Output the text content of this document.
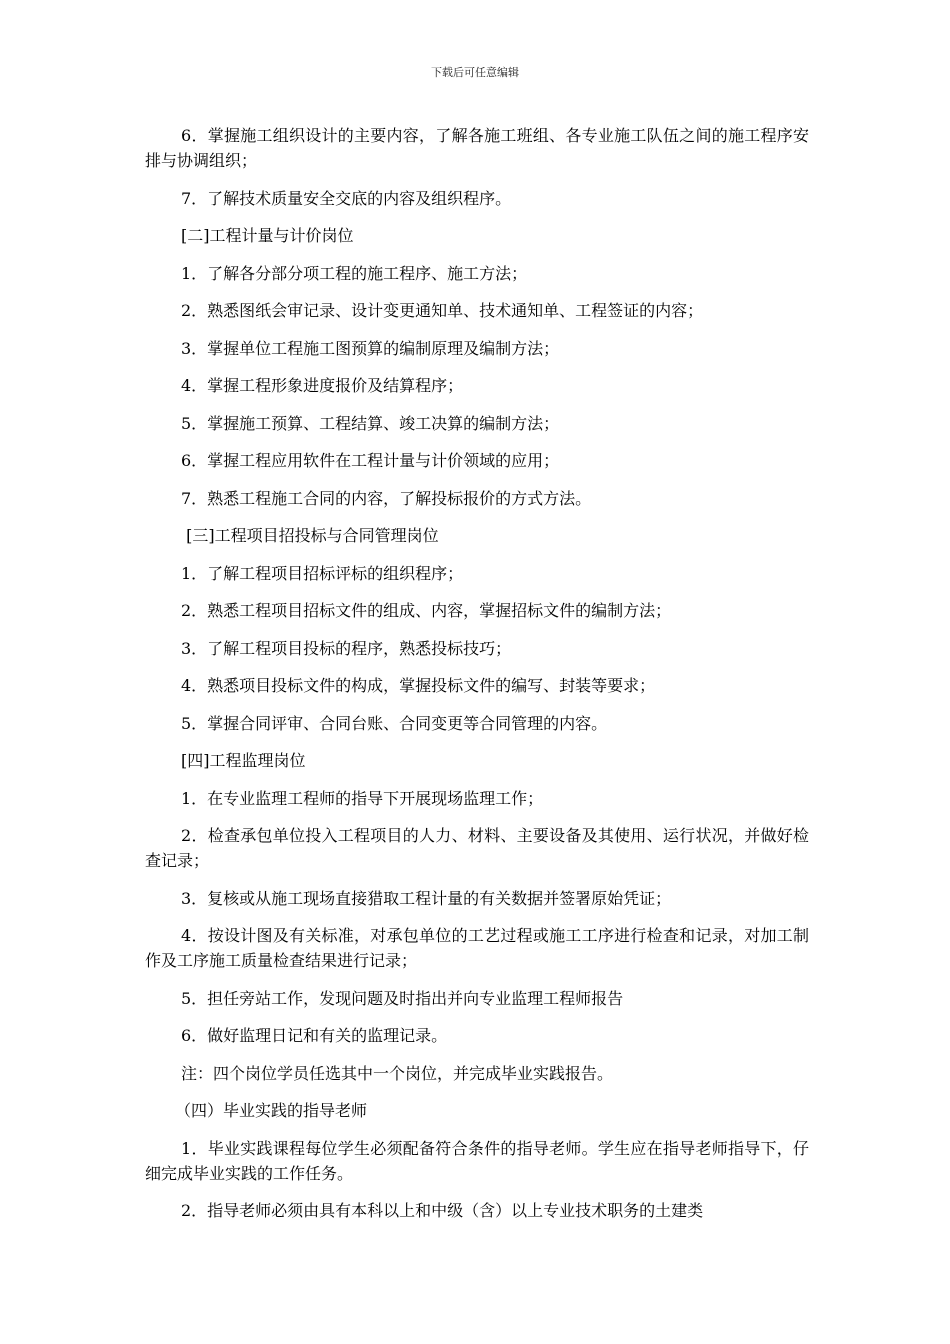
下载后可任意编辑

6．掌握施工组织设计的主要内容，了解各施工班组、各专业施工队伍之间的施工程序安排与协调组织；

7．了解技术质量安全交底的内容及组织程序。

[二]工程计量与计价岗位

1．了解各分部分项工程的施工程序、施工方法；

2．熟悉图纸会审记录、设计变更通知单、技术通知单、工程签证的内容；

3．掌握单位工程施工图预算的编制原理及编制方法；

4．掌握工程形象进度报价及结算程序；

5．掌握施工预算、工程结算、竣工决算的编制方法；

6．掌握工程应用软件在工程计量与计价领域的应用；

7．熟悉工程施工合同的内容，了解投标报价的方式方法。

[三]工程项目招投标与合同管理岗位

1．了解工程项目招标评标的组织程序；

2．熟悉工程项目招标文件的组成、内容，掌握招标文件的编制方法；

3．了解工程项目投标的程序，熟悉投标技巧；

4．熟悉项目投标文件的构成，掌握投标文件的编写、封装等要求；

5．掌握合同评审、合同台账、合同变更等合同管理的内容。

[四]工程监理岗位

1．在专业监理工程师的指导下开展现场监理工作；

2．检查承包单位投入工程项目的人力、材料、主要设备及其使用、运行状况，并做好检查记录；

3．复核或从施工现场直接猎取工程计量的有关数据并签署原始凭证；

4．按设计图及有关标准，对承包单位的工艺过程或施工工序进行检查和记录，对加工制作及工序施工质量检查结果进行记录；

5．担任旁站工作，发现问题及时指出并向专业监理工程师报告

6．做好监理日记和有关的监理记录。

注：四个岗位学员任选其中一个岗位，并完成毕业实践报告。

（四）毕业实践的指导老师

1．毕业实践课程每位学生必须配备符合条件的指导老师。学生应在指导老师指导下，仔细完成毕业实践的工作任务。

2．指导老师必须由具有本科以上和中级（含）以上专业技术职务的土建类
